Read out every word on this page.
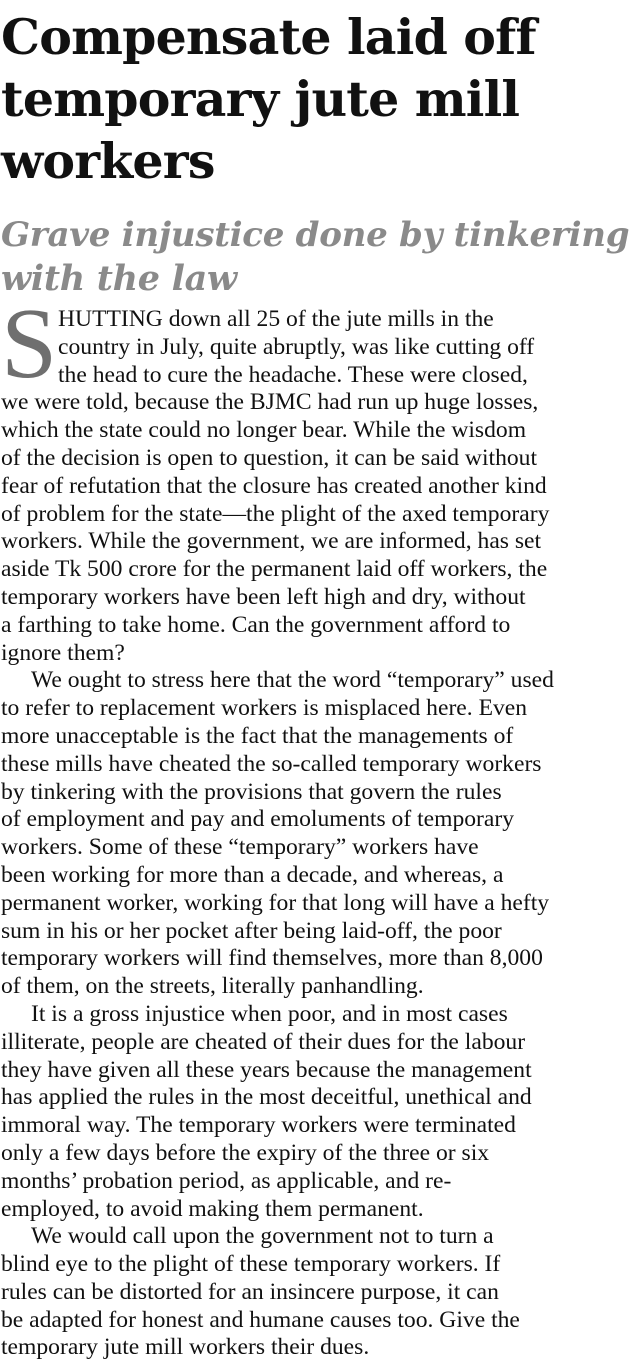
Compensate laid off
temporary jute mill
workers
Grave injustice done by tinkering
with the law
S HUTTING down all 25 of the jute mills in the
country in July, quite abruptly, was like cutting off
the head to cure the headache. These were closed,
we were told, because the BJMC had run up huge losses,
which the state could no longer bear. While the wisdom
of the decision is open to question, it can be said without
fear of refutation that the closure has created another kind
of problem for the state—the plight of the axed temporary
workers. While the government, we are informed, has set
aside Tk 500 crore for the permanent laid off workers, the
temporary workers have been left high and dry, without
a farthing to take home. Can the government afford to
ignore them?
We ought to stress here that the word “temporary” used
to refer to replacement workers is misplaced here. Even
more unacceptable is the fact that the managements of
these mills have cheated the so-called temporary workers
by tinkering with the provisions that govern the rules
of employment and pay and emoluments of temporary
workers. Some of these “temporary” workers have
been working for more than a decade, and whereas, a
permanent worker, working for that long will have a hefty
sum in his or her pocket after being laid-off, the poor
temporary workers will find themselves, more than 8,000
of them, on the streets, literally panhandling.
It is a gross injustice when poor, and in most cases
illiterate, people are cheated of their dues for the labour
they have given all these years because the management
has applied the rules in the most deceitful, unethical and
immoral way. The temporary workers were terminated
only a few days before the expiry of the three or six
months’ probation period, as applicable, and re-
employed, to avoid making them permanent.
We would call upon the government not to turn a
blind eye to the plight of these temporary workers. If
rules can be distorted for an insincere purpose, it can
be adapted for honest and humane causes too. Give the
temporary jute mill workers their dues.
